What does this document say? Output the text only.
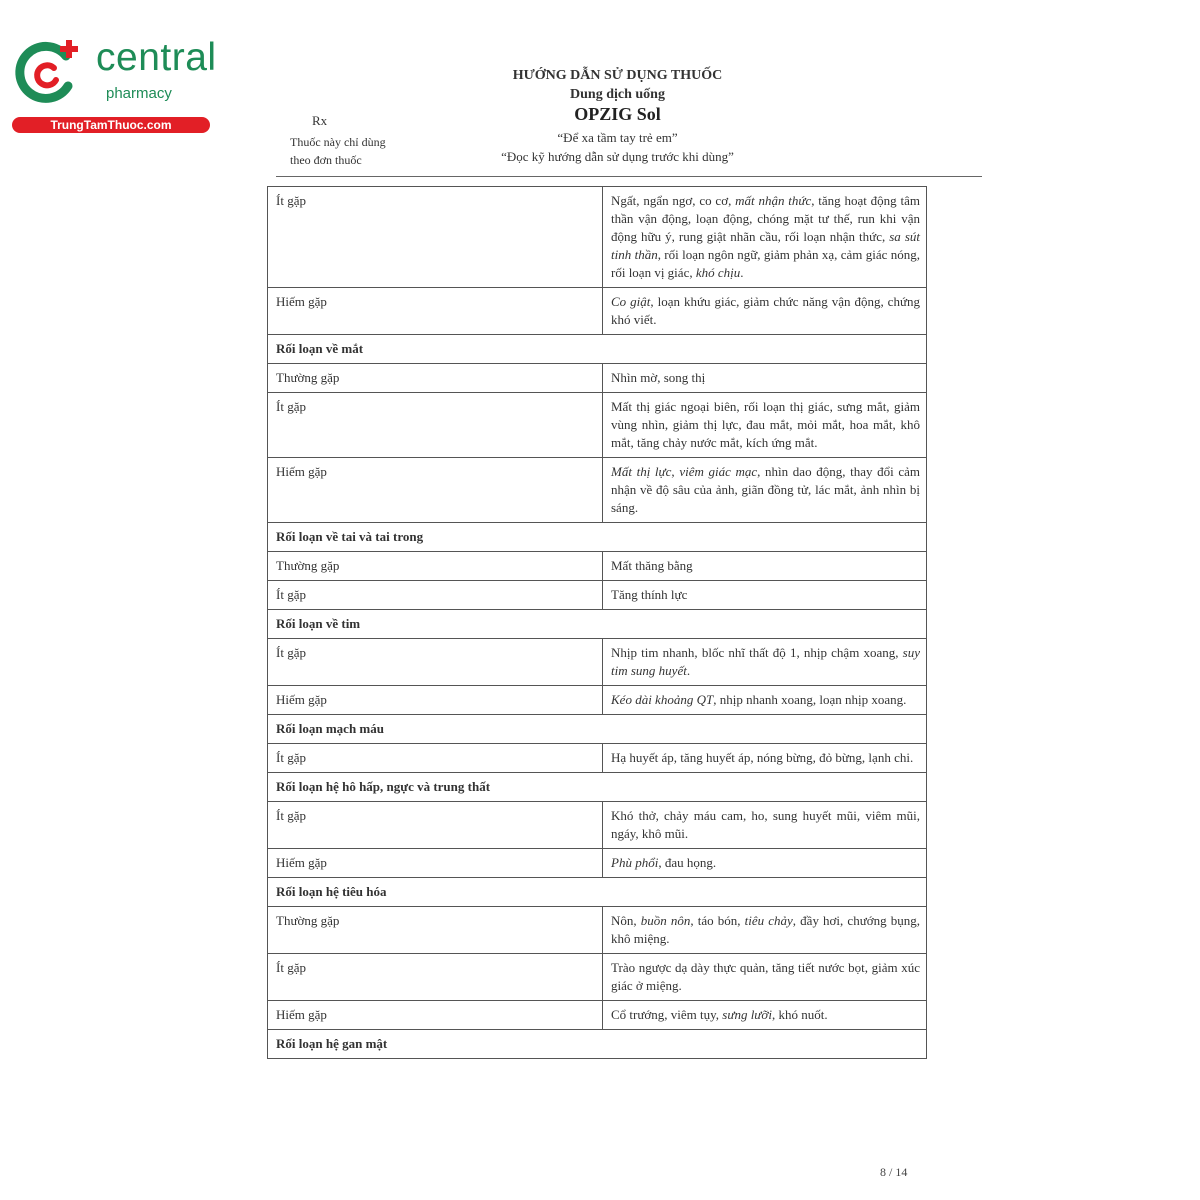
central
pharmacy
TrungTamThuoc.com
HƯỚNG DẪN SỬ DỤNG THUỐC
Dung dịch uống
OPZIG Sol
“Để xa tầm tay trẻ em”
“Đọc kỹ hướng dẫn sử dụng trước khi dùng”
Rx
Thuốc này chỉ dùng
theo đơn thuốc
Ít gặp	Ngất, ngẩn ngơ, co cơ, mất nhận thức, tăng hoạt động tâm thần vận động, loạn động, chóng mặt tư thế, run khi vận động hữu ý, rung giật nhãn cầu, rối loạn nhận thức, sa sút tinh thần, rối loạn ngôn ngữ, giảm phản xạ, cảm giác nóng, rối loạn vị giác, khó chịu.
Hiếm gặp	Co giật, loạn khứu giác, giảm chức năng vận động, chứng khó viết.
Rối loạn về mắt	
Thường gặp	Nhìn mờ, song thị
Ít gặp	Mất thị giác ngoại biên, rối loạn thị giác, sưng mắt, giảm vùng nhìn, giảm thị lực, đau mắt, mỏi mắt, hoa mắt, khô mắt, tăng chảy nước mắt, kích ứng mắt.
Hiếm gặp	Mất thị lực, viêm giác mạc, nhìn dao động, thay đổi cảm nhận về độ sâu của ảnh, giãn đồng tử, lác mắt, ảnh nhìn bị sáng.
Rối loạn về tai và tai trong	
Thường gặp	Mất thăng bằng
Ít gặp	Tăng thính lực
Rối loạn về tim	
Ít gặp	Nhịp tim nhanh, blốc nhĩ thất độ 1, nhịp chậm xoang, suy tim sung huyết.
Hiếm gặp	Kéo dài khoảng QT, nhịp nhanh xoang, loạn nhịp xoang.
Rối loạn mạch máu	
Ít gặp	Hạ huyết áp, tăng huyết áp, nóng bừng, đỏ bừng, lạnh chi.
Rối loạn hệ hô hấp, ngực và trung thất	
Ít gặp	Khó thở, chảy máu cam, ho, sung huyết mũi, viêm mũi, ngáy, khô mũi.
Hiếm gặp	Phù phổi, đau họng.
Rối loạn hệ tiêu hóa	
Thường gặp	Nôn, buồn nôn, táo bón, tiêu chảy, đầy hơi, chướng bụng, khô miệng.
Ít gặp	Trào ngược dạ dày thực quản, tăng tiết nước bọt, giảm xúc giác ở miệng.
Hiếm gặp	Cổ trướng, viêm tụy, sưng lưỡi, khó nuốt.
Rối loạn hệ gan mật	
8 / 14
